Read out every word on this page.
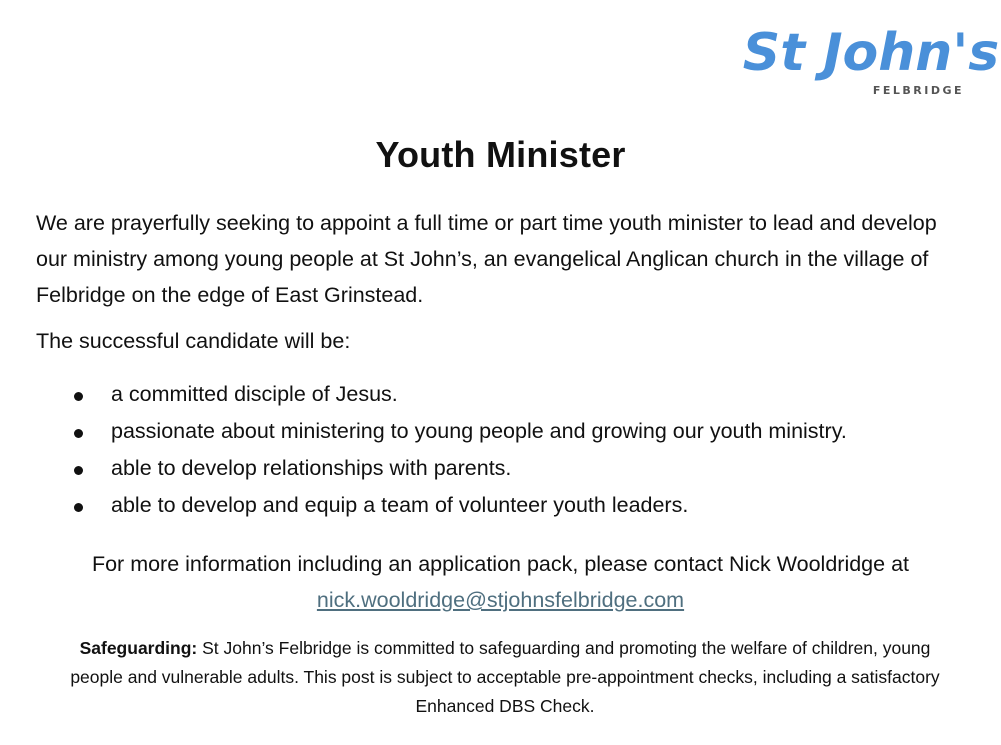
St John's
FELBRIDGE
Youth Minister

We are prayerfully seeking to appoint a full time or part time youth minister to lead and develop our ministry among young people at St John’s, an evangelical Anglican church in the village of Felbridge on the edge of East Grinstead.

The successful candidate will be:

a committed disciple of Jesus.
passionate about ministering to young people and growing our youth ministry.
able to develop relationships with parents.
able to develop and equip a team of volunteer youth leaders.
For more information including an application pack, please contact Nick Wooldridge at
nick.wooldridge@stjohnsfelbridge.com

Safeguarding: St John’s Felbridge is committed to safeguarding and promoting the welfare of children, young people and vulnerable adults. This post is subject to acceptable pre-appointment checks, including a satisfactory Enhanced DBS Check.
